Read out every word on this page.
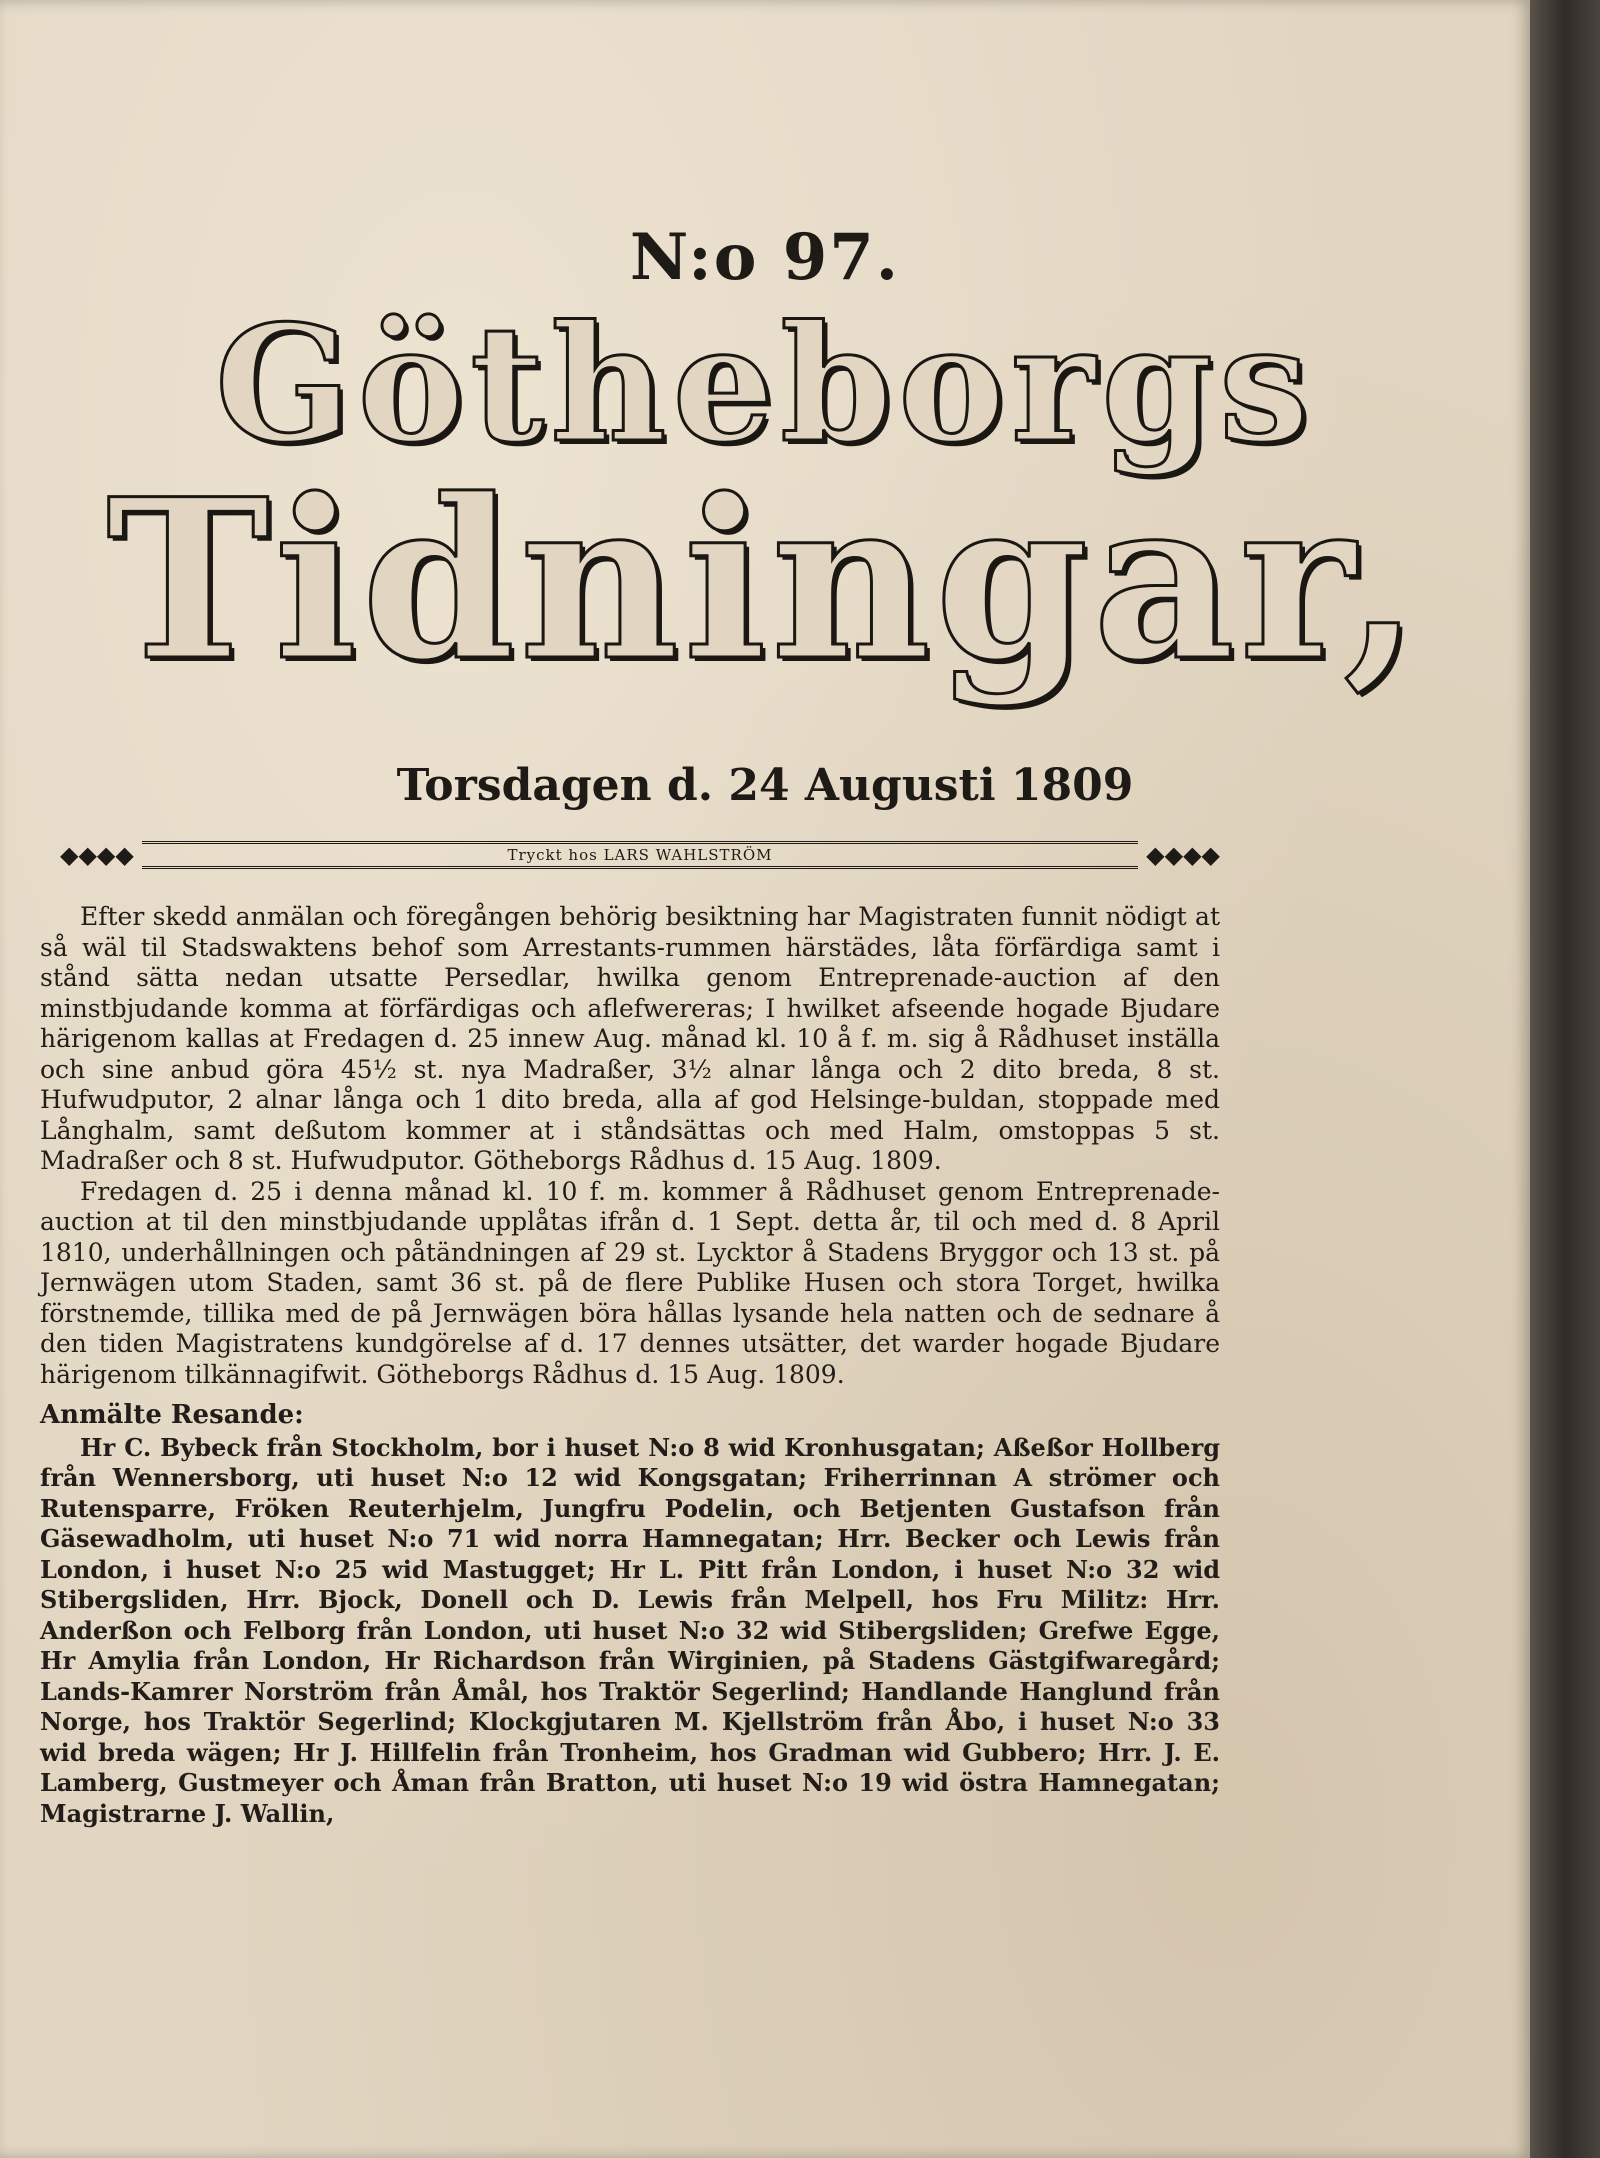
N:o 97.
Götheborgs
Tidningar,
Torsdagen d. 24 Augusti 1809
◆◆◆◆	Tryckt hos LARS WAHLSTRÖM	◆◆◆◆

Efter skedd anmälan och föregången behörig besiktning har Magistraten funnit nödigt at så wäl til Stadswaktens behof som Arrestants-rummen härstädes, låta förfärdiga samt i stånd sätta nedan utsatte Persedlar, hwilka genom Entreprenade-auction af den minstbjudande komma at förfärdigas och aflefwereras; I hwilket afseende hogade Bjudare härigenom kallas at Fredagen d. 25 innew Aug. månad kl. 10 å f. m. sig å Rådhuset inställa och sine anbud göra 45½ st. nya Madraßer, 3½ alnar långa och 2 dito breda, 8 st. Hufwudputor, 2 alnar långa och 1 dito breda, alla af god Helsinge-buldan, stoppade med Långhalm, samt deßutom kommer at i ståndsättas och med Halm, omstoppas 5 st. Madraßer och 8 st. Hufwudputor. Götheborgs Rådhus d. 15 Aug. 1809.

Fredagen d. 25 i denna månad kl. 10 f. m. kommer å Rådhuset genom Entreprenade-auction at til den minstbjudande upplåtas ifrån d. 1 Sept. detta år, til och med d. 8 April 1810, underhållningen och påtändningen af 29 st. Lycktor å Stadens Bryggor och 13 st. på Jernwägen utom Staden, samt 36 st. på de flere Publike Husen och stora Torget, hwilka förstnemde, tillika med de på Jernwägen böra hållas lysande hela natten och de sednare å den tiden Magistratens kundgörelse af d. 17 dennes utsätter, det warder hogade Bjudare härigenom tilkännagifwit. Götheborgs Rådhus d. 15 Aug. 1809.

Anmälte Resande:

Hr C. Bybeck från Stockholm, bor i huset N:o 8 wid Kronhusgatan; Aßeßor Hollberg från Wennersborg, uti huset N:o 12 wid Kongsgatan; Friherrinnan A strömer och Rutensparre, Fröken Reuterhjelm, Jungfru Podelin, och Betjenten Gustafson från Gäsewadholm, uti huset N:o 71 wid norra Hamnegatan; Hrr. Becker och Lewis från London, i huset N:o 25 wid Mastugget; Hr L. Pitt från London, i huset N:o 32 wid Stibergsliden, Hrr. Bjock, Donell och D. Lewis från Melpell, hos Fru Militz: Hrr. Anderßon och Felborg från London, uti huset N:o 32 wid Stibergsliden; Grefwe Egge, Hr Amylia från London, Hr Richardson från Wirginien, på Stadens Gästgifwaregård; Lands-Kamrer Norström från Åmål, hos Traktör Segerlind; Handlande Hanglund från Norge, hos Traktör Segerlind; Klockgjutaren M. Kjellström från Åbo, i huset N:o 33 wid breda wägen; Hr J. Hillfelin från Tronheim, hos Gradman wid Gubbero; Hrr. J. E. Lamberg, Gustmeyer och Åman från Bratton, uti huset N:o 19 wid östra Hamnegatan; Magistrarne J. Wallin,
